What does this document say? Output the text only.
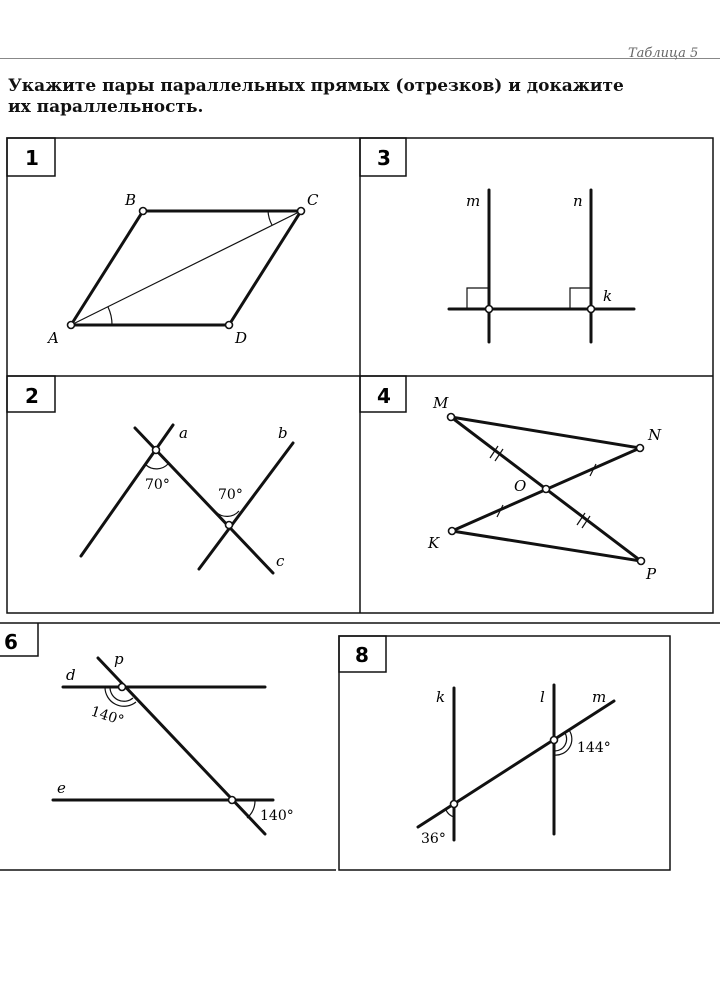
Таблица 5
Укажите пары параллельных прямых (отрезков) и докажите их параллельность.
1
A
B	C
D
3
m	n
k
2
70°
70°
a	b
c
4	M
N
O
K
P
6
p
d
e
140°
140°
8
k	l	m
144°
36°
